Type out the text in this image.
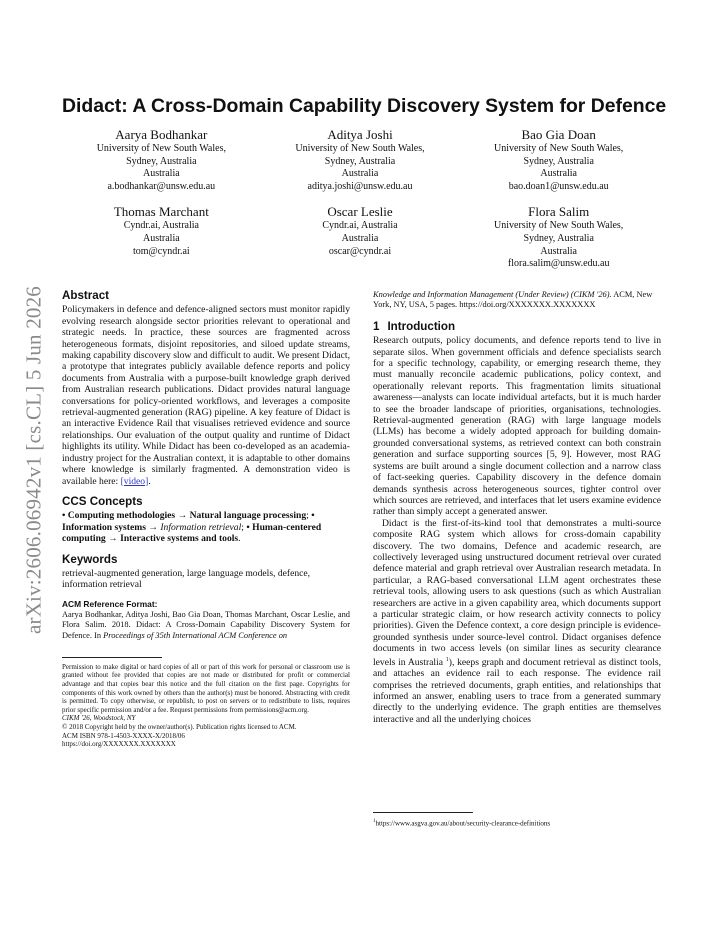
arXiv:2606.06942v1 [cs.CL] 5 Jun 2026
Didact: A Cross-Domain Capability Discovery System for Defence
Aarya Bodhankar
University of New South Wales,
Sydney, Australia
Australia
a.bodhankar@unsw.edu.au
Aditya Joshi
University of New South Wales,
Sydney, Australia
Australia
aditya.joshi@unsw.edu.au
Bao Gia Doan
University of New South Wales,
Sydney, Australia
Australia
bao.doan1@unsw.edu.au
Thomas Marchant
Cyndr.ai, Australia
Australia
tom@cyndr.ai
Oscar Leslie
Cyndr.ai, Australia
Australia
oscar@cyndr.ai
Flora Salim
University of New South Wales,
Sydney, Australia
Australia
flora.salim@unsw.edu.au
Abstract

Policymakers in defence and defence-aligned sectors must monitor rapidly evolving research alongside sector priorities relevant to operational and strategic needs. In practice, these sources are fragmented across heterogeneous formats, disjoint repositories, and siloed update streams, making capability discovery slow and difficult to audit. We present Didact, a prototype that integrates publicly available defence reports and policy documents from Australia with a purpose-built knowledge graph derived from Australian research publications. Didact provides natural language conversations for policy-oriented workflows, and leverages a composite retrieval-augmented generation (RAG) pipeline. A key feature of Didact is an interactive Evidence Rail that visualises retrieved evidence and source relationships. Our evaluation of the output quality and runtime of Didact highlights its utility. While Didact has been co-developed as an academia-industry project for the Australian context, it is adaptable to other domains where knowledge is similarly fragmented. A demonstration video is available here: [video].

CCS Concepts

• Computing methodologies → Natural language processing; • Information systems → Information retrieval; • Human-centered computing → Interactive systems and tools.

Keywords

retrieval-augmented generation, large language models, defence, information retrieval

ACM Reference Format:

Aarya Bodhankar, Aditya Joshi, Bao Gia Doan, Thomas Marchant, Oscar Leslie, and Flora Salim. 2018. Didact: A Cross-Domain Capability Discovery System for Defence. In Proceedings of 35th International ACM Conference on

Permission to make digital or hard copies of all or part of this work for personal or classroom use is granted without fee provided that copies are not made or distributed for profit or commercial advantage and that copies bear this notice and the full citation on the first page. Copyrights for components of this work owned by others than the author(s) must be honored. Abstracting with credit is permitted. To copy otherwise, or republish, to post on servers or to redistribute to lists, requires prior specific permission and/or a fee. Request permissions from permissions@acm.org.
CIKM '26, Woodstock, NY
© 2018 Copyright held by the owner/author(s). Publication rights licensed to ACM.
ACM ISBN 978-1-4503-XXXX-X/2018/06
https://doi.org/XXXXXXX.XXXXXXX
Knowledge and Information Management (Under Review) (CIKM '26). ACM, New York, NY, USA, 5 pages. https://doi.org/XXXXXXX.XXXXXXX
1 Introduction

Research outputs, policy documents, and defence reports tend to live in separate silos. When government officials and defence specialists search for a specific technology, capability, or emerging research theme, they must manually reconcile academic publications, policy context, and operationally relevant reports. This fragmentation limits situational awareness—analysts can locate individual artefacts, but it is much harder to see the broader landscape of priorities, organisations, technologies. Retrieval-augmented generation (RAG) with large language models (LLMs) has become a widely adopted approach for building domain-grounded conversational systems, as retrieved context can both constrain generation and surface supporting sources [5, 9]. However, most RAG systems are built around a single document collection and a narrow class of fact-seeking queries. Capability discovery in the defence domain demands synthesis across heterogeneous sources, tighter control over which sources are retrieved, and interfaces that let users examine evidence rather than simply accept a generated answer.

Didact is the first-of-its-kind tool that demonstrates a multi-source composite RAG system which allows for cross-domain capability discovery. The two domains, Defence and academic research, are collectively leveraged using unstructured document retrieval over curated defence material and graph retrieval over Australian research metadata. In particular, a RAG-based conversational LLM agent orchestrates these retrieval tools, allowing users to ask questions (such as which Australian researchers are active in a given capability area, which documents support a particular strategic claim, or how research activity connects to policy priorities). Given the Defence context, a core design principle is evidence-grounded synthesis under source-level control. Didact organises defence documents in two access levels (on similar lines as security clearance levels in Australia $^1$), keeps graph and document retrieval as distinct tools, and attaches an evidence rail to each response. The evidence rail comprises the retrieved documents, graph entities, and relationships that informed an answer, enabling users to trace from a generated summary directly to the underlying evidence. The graph entities are themselves interactive and all the underlying choices

$^1$https://www.asgva.gov.au/about/security-clearance-definitions
